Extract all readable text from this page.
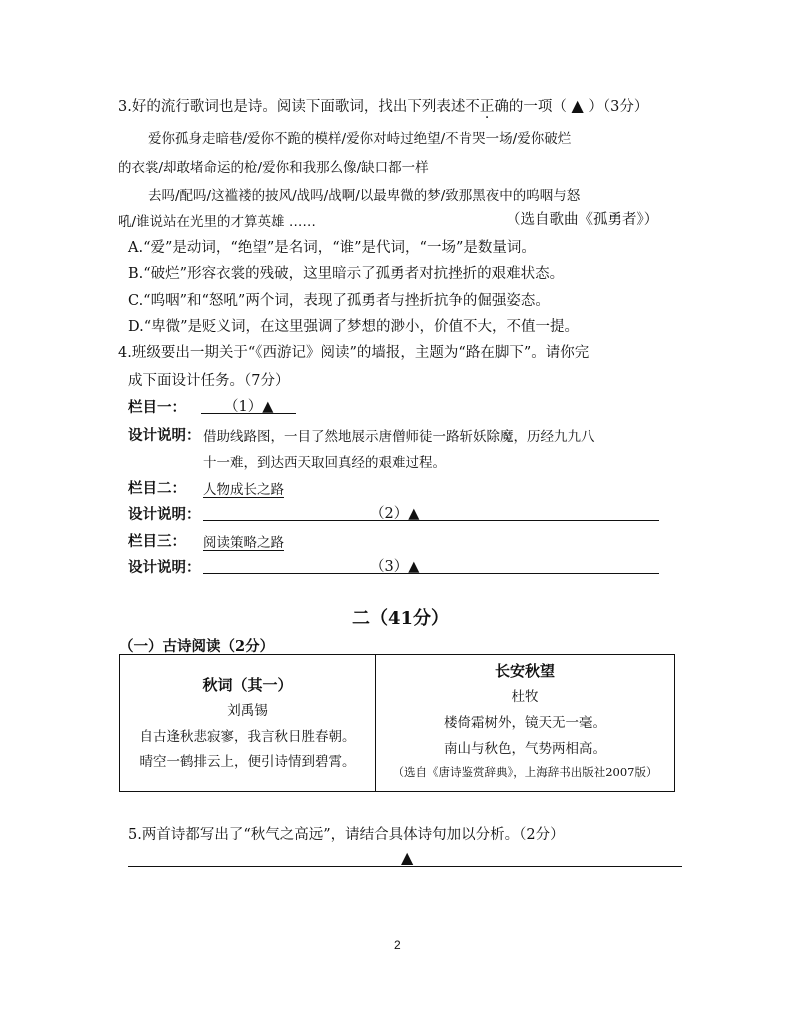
3.好的流行歌词也是诗。阅读下面歌词，找出下列表述不正确的一项（ ▲ ）（3分）
爱你孤身走暗巷/爱你不跪的模样/爱你对峙过绝望/不肯哭一场/爱你破烂
的衣裳/却敢堵命运的枪/爱你和我那么像/缺口都一样
去吗/配吗/这褴褛的披风/战吗/战啊/以最卑微的梦/致那黑夜中的呜咽与怒
吼/谁说站在光里的才算英雄 ……	（选自歌曲《孤勇者》）
A.“爱”是动词，“绝望”是名词，“谁”是代词，“一场”是数量词。
B.“破烂”形容衣裳的残破，这里暗示了孤勇者对抗挫折的艰难状态。
C.“呜咽”和“怒吼”两个词，表现了孤勇者与挫折抗争的倔强姿态。
D.“卑微”是贬义词，在这里强调了梦想的渺小，价值不大，不值一提。
4.班级要出一期关于“《西游记》阅读”的墙报，主题为“路在脚下”。请你完
成下面设计任务。（7分）
栏目一：	（1）▲
设计说明： 借助线路图，一目了然地展示唐僧师徒一路斩妖除魔，历经九九八
十一难，到达西天取回真经的艰难过程。
栏目二： 人物成长之路
设计说明：	（2）▲
栏目三： 阅读策略之路
设计说明：	（3）▲
二（41分）
（一）古诗阅读（2分）
秋词（其一）
刘禹锡
自古逢秋悲寂寥，我言秋日胜春朝。
晴空一鹤排云上，便引诗情到碧霄。
长安秋望
杜牧
楼倚霜树外，镜天无一毫。
南山与秋色，气势两相高。
（选自《唐诗鉴赏辞典》，上海辞书出版社2007版）
5.两首诗都写出了“秋气之高远”，请结合具体诗句加以分析。（2分）
▲
2
